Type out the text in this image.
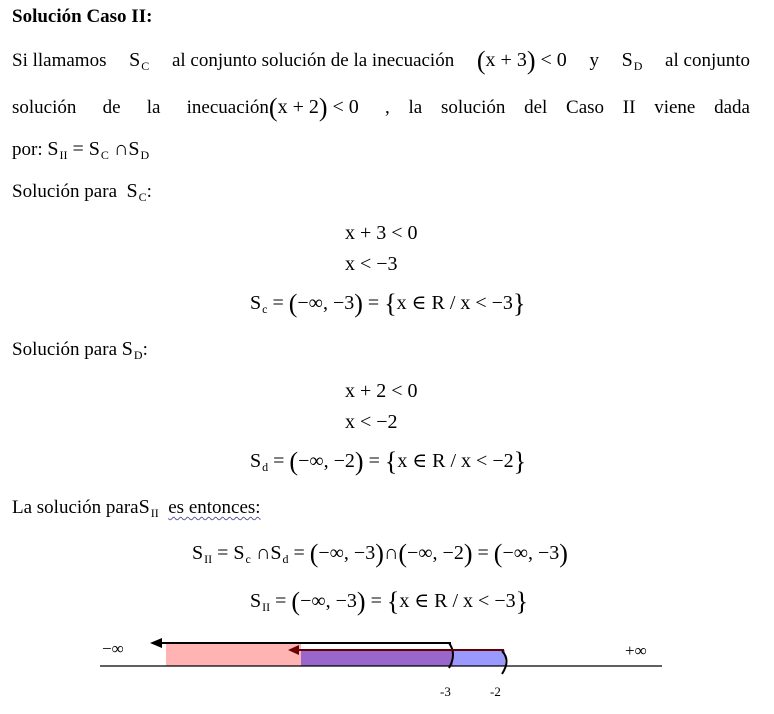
Solución Caso II:
Si llamamos $S_C$ al conjunto solución de la inecuación (x + 3) < 0 y $S_D$ al conjunto
solución de la inecuación(x + 2) < 0 , la solución del Caso II viene dada
por: $S_{II} = S_C$ $\cap S_D$
Solución para $S_C$:
x + 3 < 0
x < −3
$S_c$ = (−∞, −3) = {x ∈ R / x < −3}
Solución para $S_D$:
x + 2 < 0
x < −2
$S_d$ = (−∞, −2) = {x ∈ R / x < −2}
La solución paraS$_{II}$ es entonces:
$S_{II} = S_c$ $\cap S_d$ = (−∞, −3)∩(−∞, −2) = (−∞, −3)
$S_{II}$ = (−∞, −3) = {x ∈ R / x < −3}
−∞	+∞
-3	-2
